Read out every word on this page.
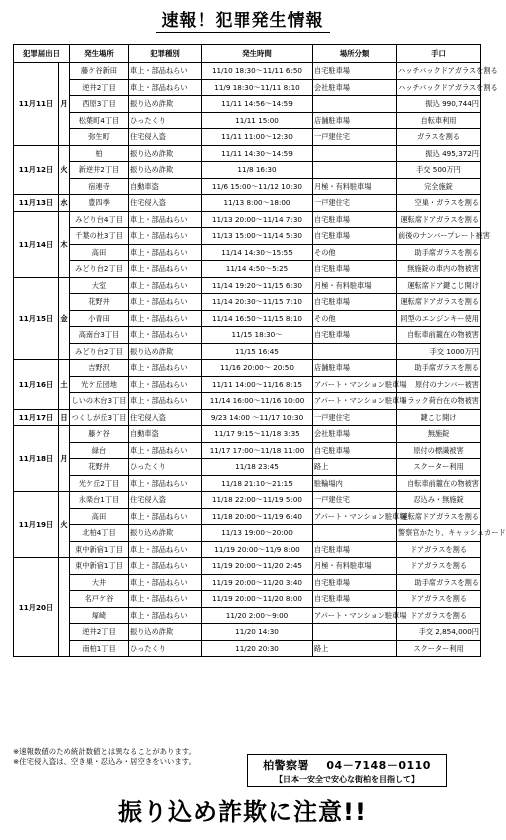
速報！犯罪発生情報
犯罪届出日		発生場所	犯罪種別	発生時間	場所分類	手口
11月11日	月	藤ケ谷新田	車上・部品ねらい	11/10 18:30～11/11 6:50	自宅駐車場	ハッチバックドアガラスを割る
		逆井2丁目	車上・部品ねらい	11/9 18:30～11/11 8:10	会社駐車場	ハッチバックドアガラスを割る
		西原3丁目	振り込め詐欺	11/11 14:56～14:59		振込 990,744円
		松葉町4丁目	ひったくり	11/11 15:00	店舗駐車場	自転車利用
		弥生町	住宅侵入盗	11/11 11:00～12:30	一戸建住宅	ガラスを割る
11月12日	火	柏	振り込め詐欺	11/11 14:30～14:59		振込 495,372円
		新逆井2丁目	振り込め詐欺	11/8 16:30		手交 500万円
		宿連寺	自動車盗	11/6 15:00～11/12 10:30	月極・有料駐車場	完全施錠
11月13日	水	豊四季	住宅侵入盗	11/13 8:00～18:00	一戸建住宅	空巣・ガラスを割る
11月14日	木	みどり台4丁目	車上・部品ねらい	11/13 20:00～11/14 7:30	自宅駐車場	運転席ドアガラスを割る
		千葉の杜3丁目	車上・部品ねらい	11/13 15:00～11/14 5:30	自宅駐車場	前後のナンバープレート被害
		高田	車上・部品ねらい	11/14 14:30～15:55	その他	助手席ガラスを割る
		みどり台2丁目	車上・部品ねらい	11/14 4:50～5:25	自宅駐車場	無施錠の車内の物被害
11月15日	金	大室	車上・部品ねらい	11/14 19:20～11/15 6:30	月極・有料駐車場	運転席ドア鍵こじ開け
		花野井	車上・部品ねらい	11/14 20:30～11/15 7:10	自宅駐車場	運転席ドアガラスを割る
		小青田	車上・部品ねらい	11/14 16:50～11/15 8:10	その他	同型のエンジンキー使用
		高南台3丁目	車上・部品ねらい	11/15 18:30～	自宅駐車場	自転車前籠在の物被害
		みどり台2丁目	振り込め詐欺	11/15 16:45		手交 1000万円
11月16日	土	吉野沢	車上・部品ねらい	11/16 20:00～ 20:50	店舗駐車場	助手席ガラスを割る
		光ケ丘団地	車上・部品ねらい	11/11 14:00～11/16 8:15	アパート・マンション駐車場	原付のナンバー被害
		しいの木台3丁目	車上・部品ねらい	11/14 16:00～11/16 10:00	アパート・マンション駐車場	トラック荷台在の物被害
11月17日	日	つくしが丘3丁目	住宅侵入盗	9/23 14:00 ～11/17 10:30	一戸建住宅	鍵こじ開け
11月18日	月	藤ケ谷	自動車盗	11/17 9:15～11/18 3:35	会社駐車場	無施錠
		緑台	車上・部品ねらい	11/17 17:00～11/18 11:00	自宅駐車場	原付の標識被害
		花野井	ひったくり	11/18 23:45	路上	スクーター利用
		光ケ丘2丁目	車上・部品ねらい	11/18 21:10～21:15	駐輪場内	自転車前籠在の物被害
11月19日	火	永楽台1丁目	住宅侵入盗	11/18 22:00～11/19 5:00	一戸建住宅	忍込み・無施錠
		高田	車上・部品ねらい	11/18 20:00～11/19 6:40	アパート・マンション駐車場	運転席ドアガラスを割る
		北柏4丁目	振り込め詐欺	11/13 19:00～20:00		警察官かたり、キャッシュカード
		東中新宿1丁目	車上・部品ねらい	11/19 20:00～11/9 8:00	自宅駐車場	ドアガラスを割る
11月20日		東中新宿1丁目	車上・部品ねらい	11/19 20:00～11/20 2:45	月極・有料駐車場	ドアガラスを割る
		大井	車上・部品ねらい	11/19 20:00～11/20 3:40	自宅駐車場	助手席ガラスを割る
		名戸ケ谷	車上・部品ねらい	11/19 20:00～11/20 8:00	自宅駐車場	ドアガラスを割る
		塚崎	車上・部品ねらい	11/20 2:00～9:00	アパート・マンション駐車場	ドアガラスを割る
		逆井2丁目	振り込め詐欺	11/20 14:30		手交 2,854,000円
		南柏1丁目	ひったくり	11/20 20:30	路上	スクーター利用
※速報数値のため統計数値とは異なることがあります。
※住宅侵入盗は、空き巣・忍込み・居空きをいいます。	柏警察署 04－7148－0110
【日本一安全で安心な街柏を目指して】
振り込め詐欺に注意!!
